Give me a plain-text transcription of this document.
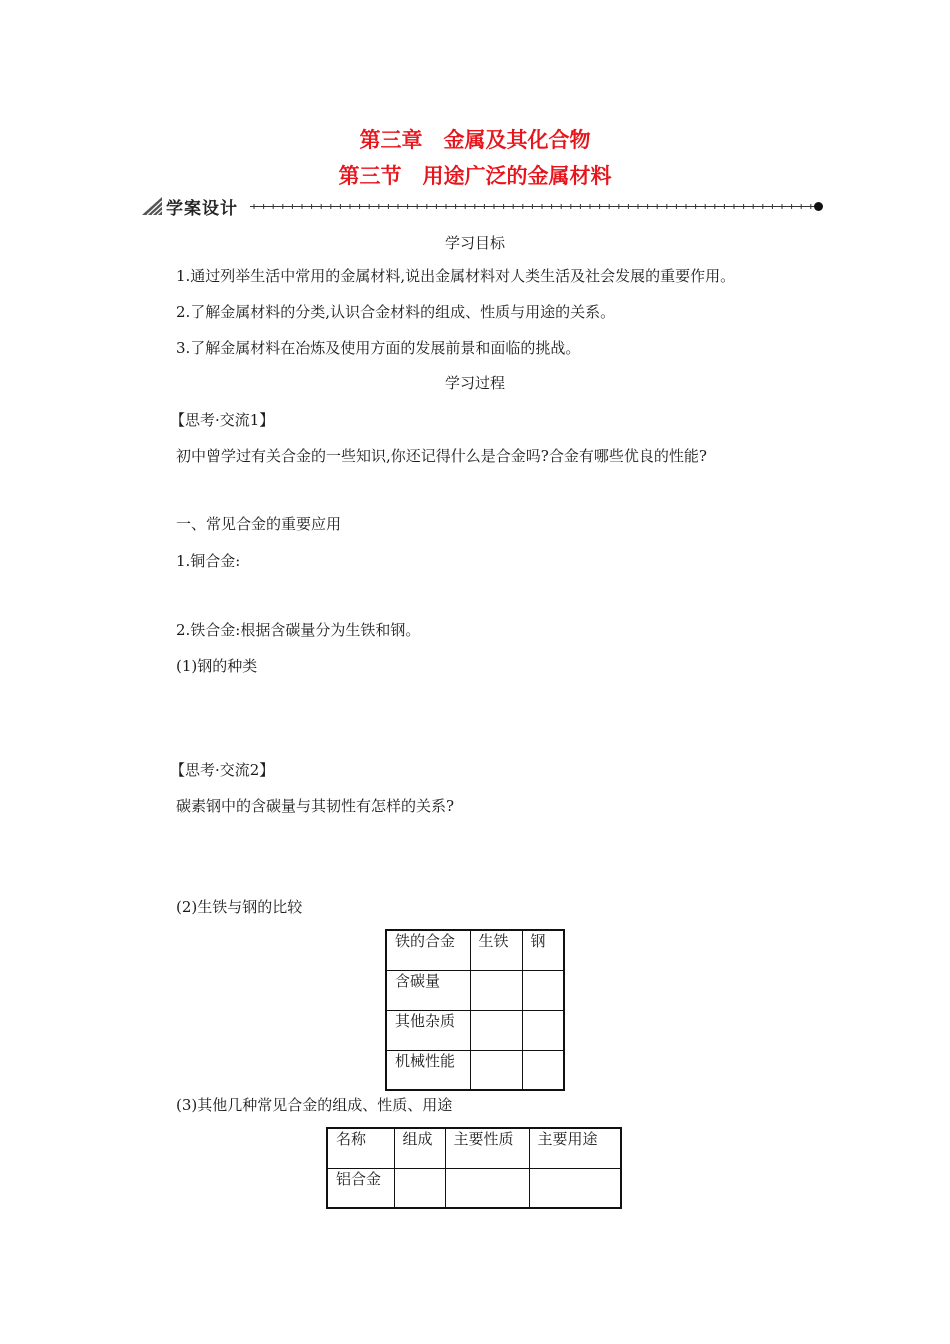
第三章　金属及其化合物
第三节　用途广泛的金属材料
学案设计
学习目标
1.通过列举生活中常用的金属材料,说出金属材料对人类生活及社会发展的重要作用。
2.了解金属材料的分类,认识合金材料的组成、性质与用途的关系。
3.了解金属材料在冶炼及使用方面的发展前景和面临的挑战。
学习过程
【思考·交流1】
初中曾学过有关合金的一些知识,你还记得什么是合金吗?合金有哪些优良的性能?
一、常见合金的重要应用
1.铜合金:
2.铁合金:根据含碳量分为生铁和钢。
(1)钢的种类
【思考·交流2】
碳素钢中的含碳量与其韧性有怎样的关系?
(2)生铁与钢的比较
铁的合金	生铁	钢
含碳量		
其他杂质		
机械性能		
(3)其他几种常见合金的组成、性质、用途
名称	组成	主要性质	主要用途
铝合金			
